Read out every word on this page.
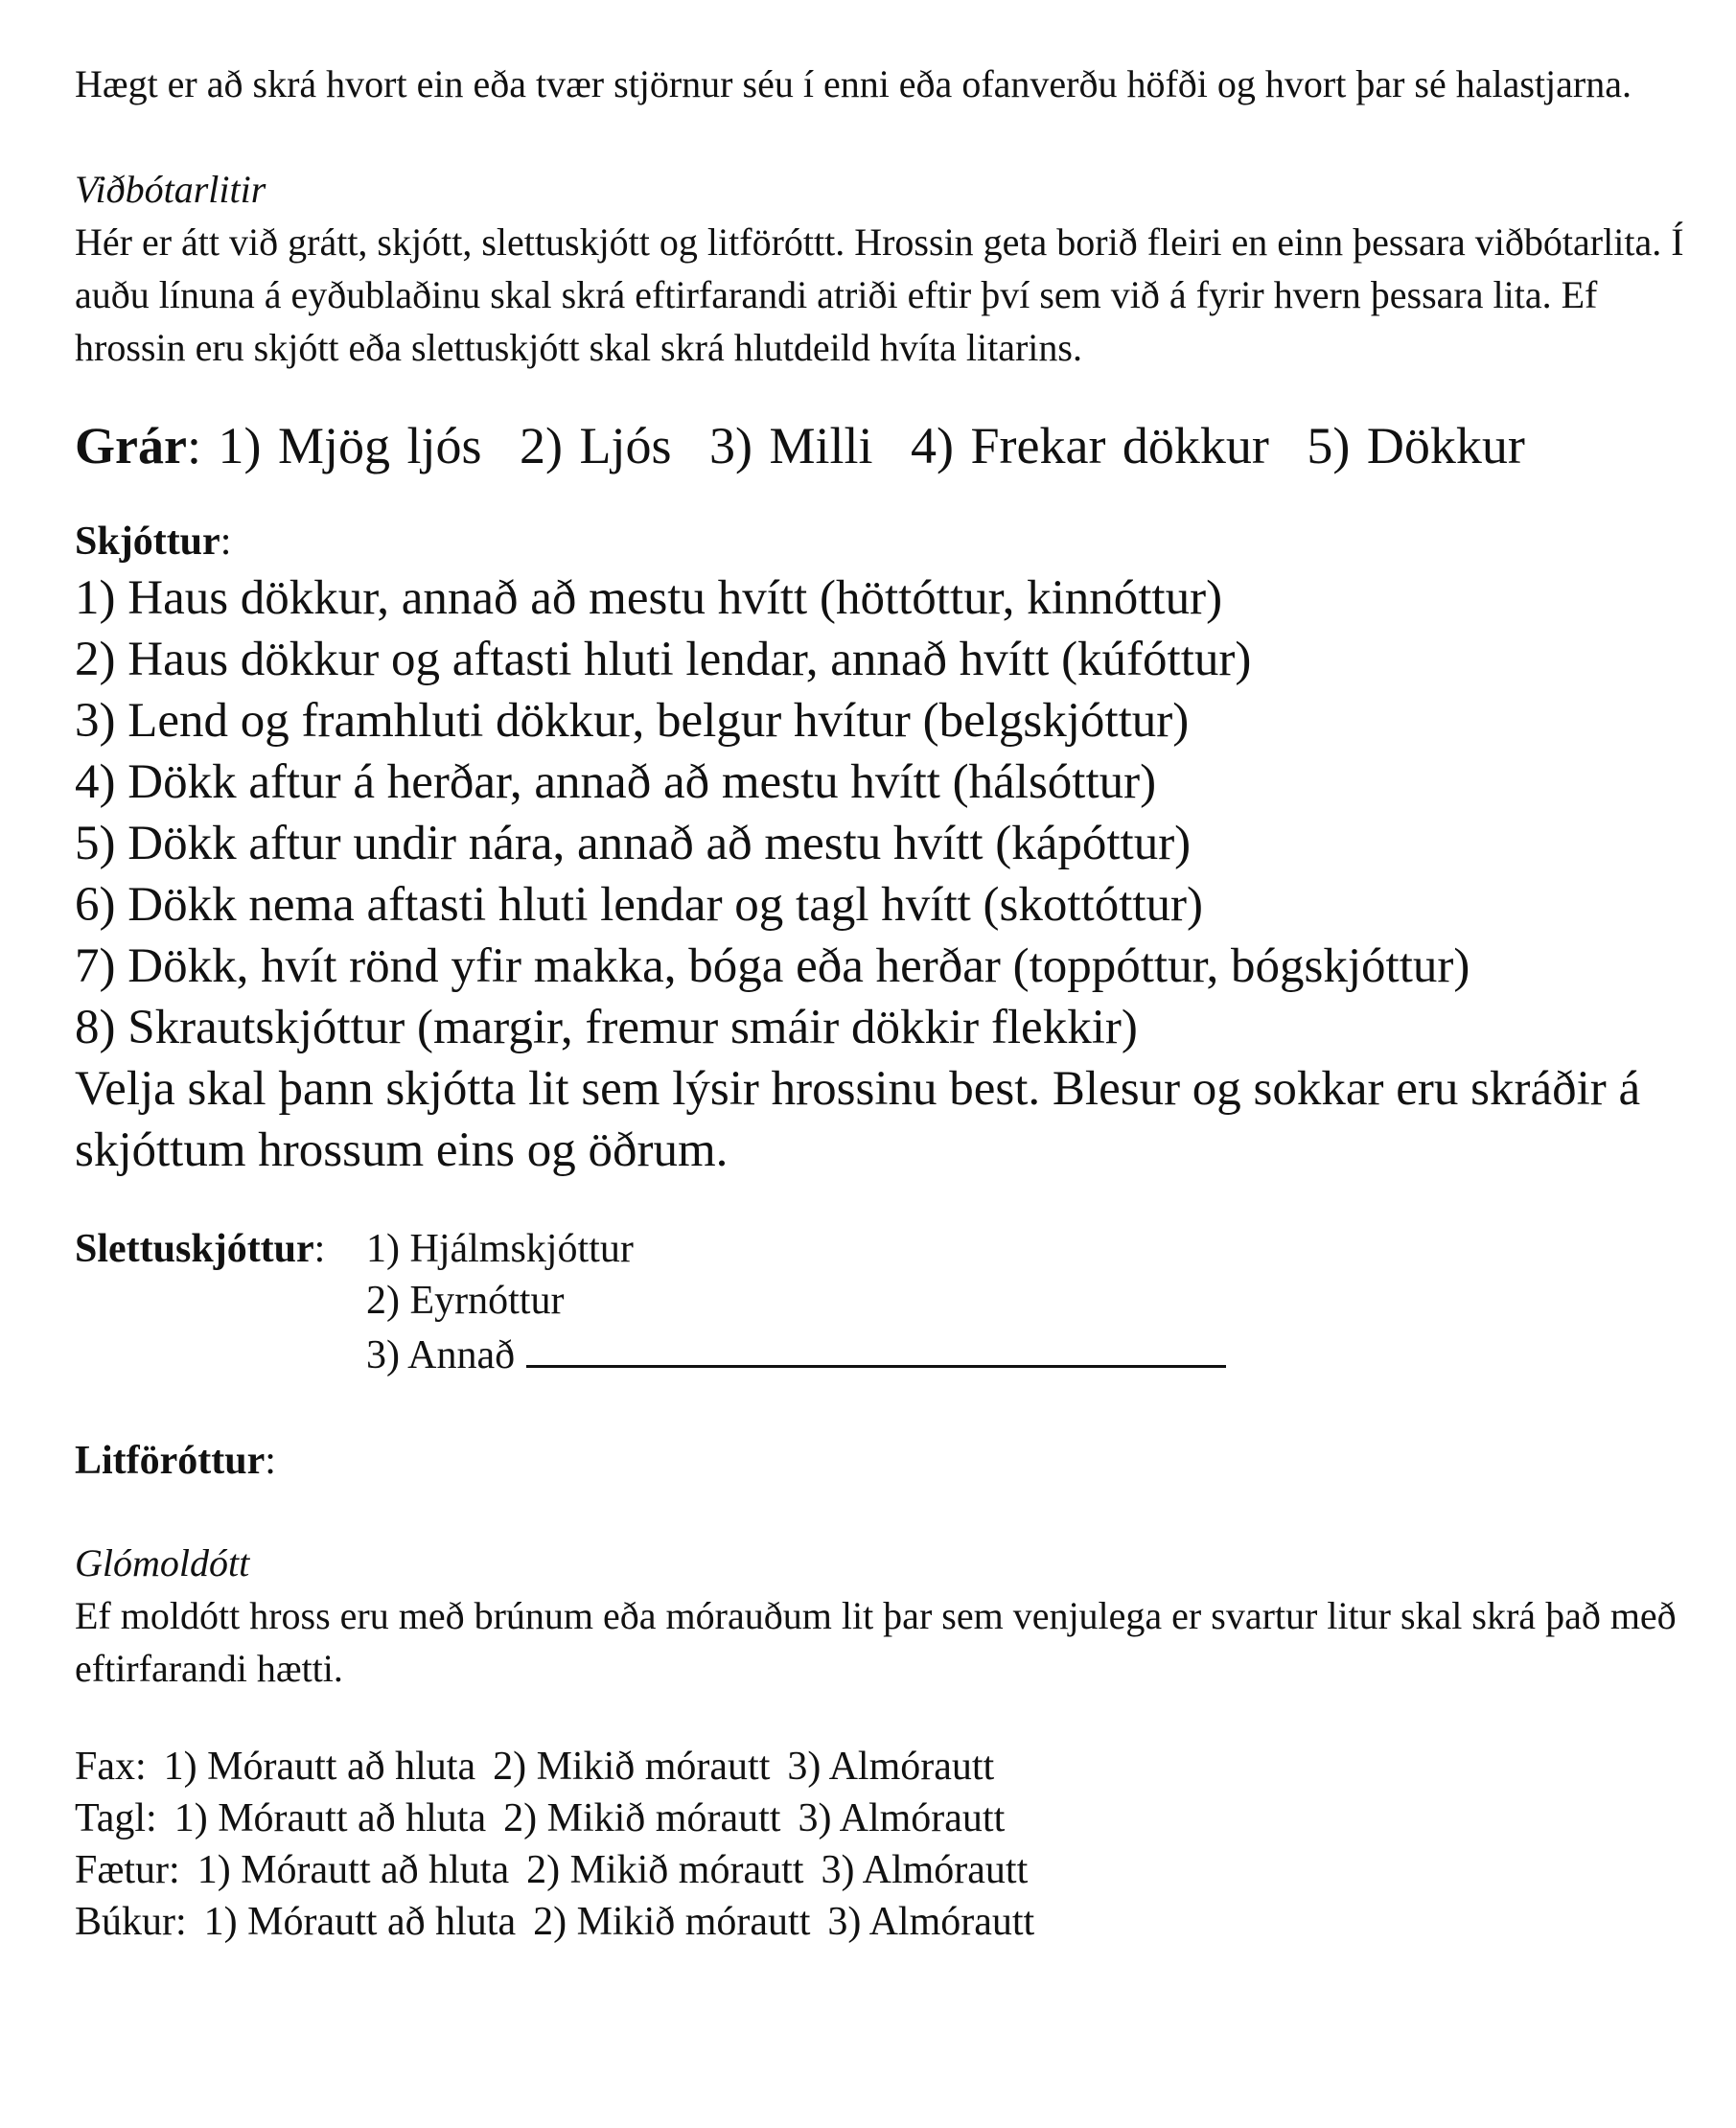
Hægt er að skrá hvort ein eða tvær stjörnur séu í enni eða ofanverðu höfði og hvort þar sé halastjarna.

Viðbótarlitir

Hér er átt við grátt, skjótt, slettuskjótt og litföróttt. Hrossin geta borið fleiri en einn þessara viðbótarlita. Í auðu línuna á eyðublaðinu skal skrá eftirfarandi atriði eftir því sem við á fyrir hvern þessara lita. Ef hrossin eru skjótt eða slettuskjótt skal skrá hlutdeild hvíta litarins.

Grár: 1) Mjög ljós 2) Ljós 3) Milli 4) Frekar dökkur 5) Dökkur
Skjóttur:
1) Haus dökkur, annað að mestu hvítt (höttóttur, kinnóttur)
2) Haus dökkur og aftasti hluti lendar, annað hvítt (kúfóttur)
3) Lend og framhluti dökkur, belgur hvítur (belgskjóttur)
4) Dökk aftur á herðar, annað að mestu hvítt (hálsóttur)
5) Dökk aftur undir nára, annað að mestu hvítt (kápóttur)
6) Dökk nema aftasti hluti lendar og tagl hvítt (skottóttur)
7) Dökk, hvít rönd yfir makka, bóga eða herðar (toppóttur, bógskjóttur)
8) Skrautskjóttur (margir, fremur smáir dökkir flekkir)
Velja skal þann skjótta lit sem lýsir hrossinu best. Blesur og sokkar eru skráðir á skjóttum hrossum eins og öðrum.
Slettuskjóttur:	1) Hjálmskjóttur
2) Eyrnóttur
3) Annað
Litföróttur:

Glómoldótt

Ef moldótt hross eru með brúnum eða mórauðum lit þar sem venjulega er svartur litur skal skrá það með eftirfarandi hætti.

Fax: 1) Mórautt að hluta 2) Mikið mórautt 3) Almórautt
Tagl: 1) Mórautt að hluta 2) Mikið mórautt 3) Almórautt
Fætur: 1) Mórautt að hluta 2) Mikið mórautt 3) Almórautt
Búkur: 1) Mórautt að hluta 2) Mikið mórautt 3) Almórautt
